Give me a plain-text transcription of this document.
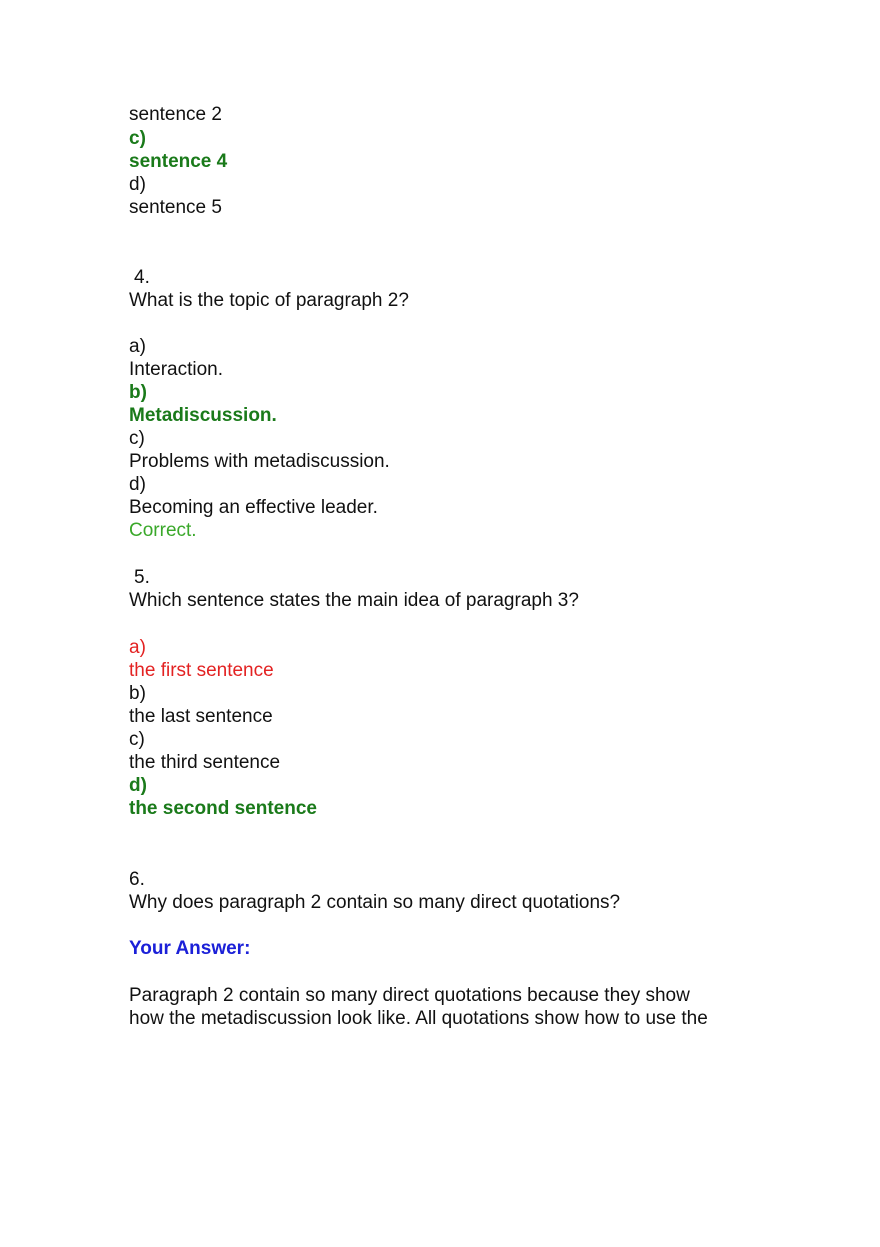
sentence 2
c)
sentence 4
d)
sentence 5
4.
What is the topic of paragraph 2?
a)
Interaction.
b)
Metadiscussion.
c)
Problems with metadiscussion.
d)
Becoming an effective leader.
Correct.
5.
Which sentence states the main idea of paragraph 3?
a)
the first sentence
b)
the last sentence
c)
the third sentence
d)
the second sentence
6.
Why does paragraph 2 contain so many direct quotations?
Your Answer:
Paragraph 2 contain so many direct quotations because they show
how the metadiscussion look like. All quotations show how to use the
